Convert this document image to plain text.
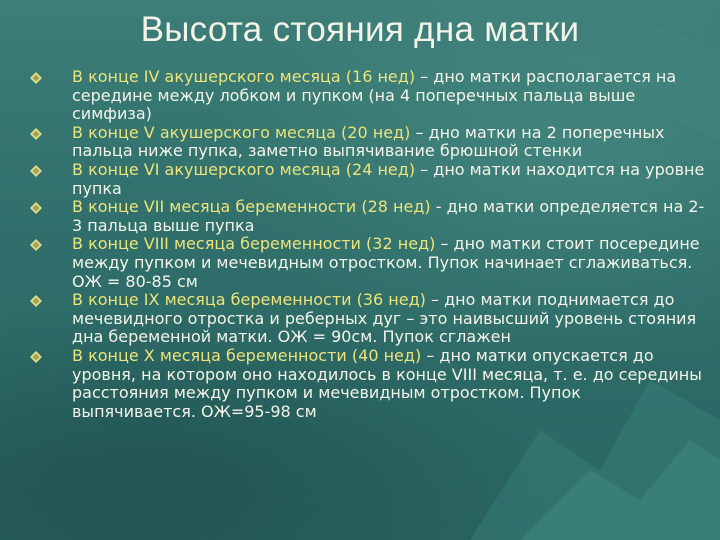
Высота стояния дна матки
В конце IV акушерского месяца (16 нед) – дно матки располагается на середине между лобком и пупком (на 4 поперечных пальца выше симфиза)
В конце V акушерского месяца (20 нед) – дно матки на 2 поперечных пальца ниже пупка, заметно выпячивание брюшной стенки
В конце VI акушерского месяца (24 нед) – дно матки находится на уровне пупка
В конце VII месяца беременности (28 нед) - дно матки определяется на 2-3 пальца выше пупка
В конце VIII месяца беременности (32 нед) – дно матки стоит посередине между пупком и мечевидным отростком. Пупок начинает сглаживаться. ОЖ = 80-85 см
В конце IX месяца беременности (36 нед) – дно матки поднимается до мечевидного отростка и реберных дуг – это наивысший уровень стояния дна беременной матки. ОЖ = 90см. Пупок сглажен
В конце X месяца беременности (40 нед) – дно матки опускается до уровня, на котором оно находилось в конце VIII месяца, т. е. до середины расстояния между пупком и мечевидным отростком. Пупок выпячивается. ОЖ=95-98 см
